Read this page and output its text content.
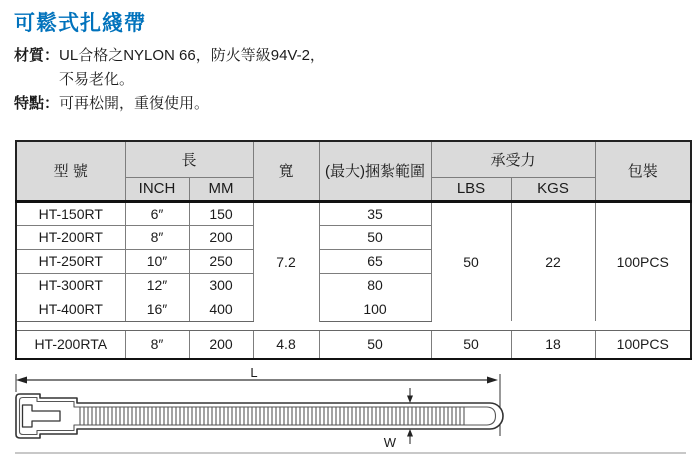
可鬆式扎綫帶
材質： UL合格之NYLON 66，防火等級94V-2，
不易老化。
特點： 可再松開，重復使用。
型 號	長		寬	(最大)捆紮範圍	承受力		包裝
	INCH	MM			LBS	KGS	
HT-150RT	6″	150	7.2	35	50	22	100PCS
HT-200RT	8″	200		50			
HT-250RT	10″	250		65			
HT-300RT	12″	300		80			
HT-400RT	16″	400		100			

HT-200RTA	8″	200	4.8	50	50	18	100PCS
L
W
